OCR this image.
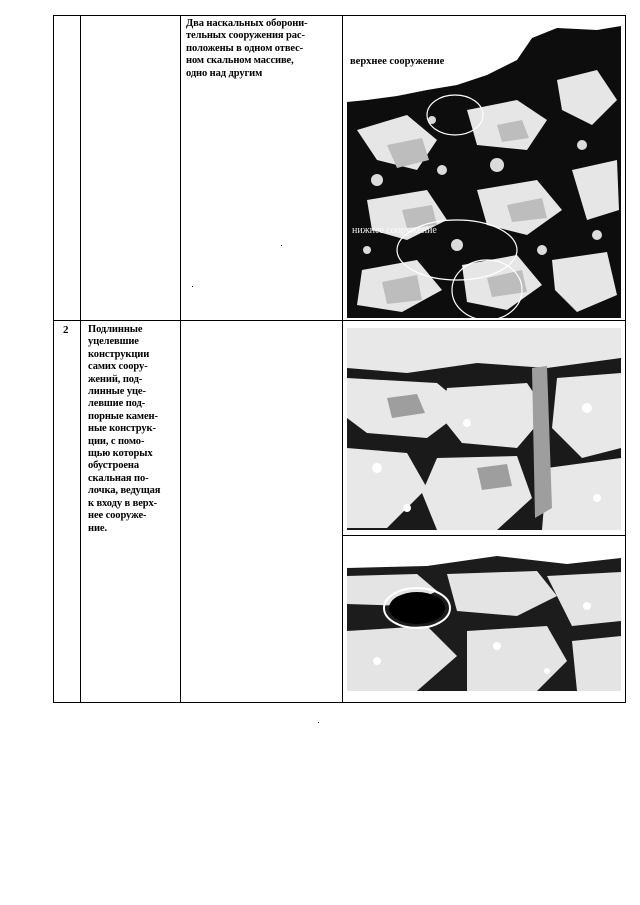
Два наскальных оборони-
тельных сооружения рас-
положены в одном отвес-
ном скальном массиве,
одно над другим
верхнее сооружение
нижнее сооружение
2 Подлинные
уцелевшие
конструкции
самих соору-
жений, под-
линные уце-
левшие под-
порные камен-
ные конструк-
ции, с помо-
щью которых
обустроена
скальная по-
лочка, ведущая
к входу в верх-
нее сооруже-
ние.
